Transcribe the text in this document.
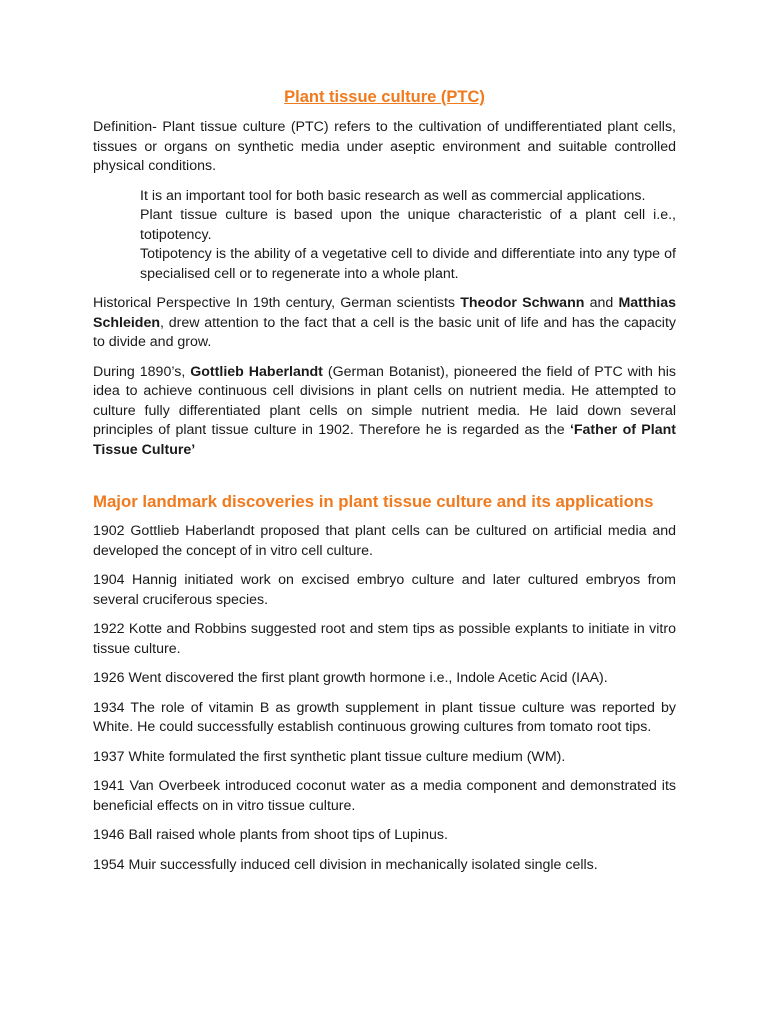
Plant tissue culture (PTC)

Definition- Plant tissue culture (PTC) refers to the cultivation of undifferentiated plant cells, tissues or organs on synthetic media under aseptic environment and suitable controlled physical conditions.

It is an important tool for both basic research as well as commercial applications.

Plant tissue culture is based upon the unique characteristic of a plant cell i.e., totipotency.

Totipotency is the ability of a vegetative cell to divide and differentiate into any type of specialised cell or to regenerate into a whole plant.

Historical Perspective In 19th century, German scientists Theodor Schwann and Matthias Schleiden, drew attention to the fact that a cell is the basic unit of life and has the capacity to divide and grow.

During 1890’s, Gottlieb Haberlandt (German Botanist), pioneered the field of PTC with his idea to achieve continuous cell divisions in plant cells on nutrient media. He attempted to culture fully differentiated plant cells on simple nutrient media. He laid down several principles of plant tissue culture in 1902. Therefore he is regarded as the ‘Father of Plant Tissue Culture’

Major landmark discoveries in plant tissue culture and its applications

1902 Gottlieb Haberlandt proposed that plant cells can be cultured on artificial media and developed the concept of in vitro cell culture.

1904 Hannig initiated work on excised embryo culture and later cultured embryos from several cruciferous species.

1922 Kotte and Robbins suggested root and stem tips as possible explants to initiate in vitro tissue culture.

1926 Went discovered the first plant growth hormone i.e., Indole Acetic Acid (IAA).

1934 The role of vitamin B as growth supplement in plant tissue culture was reported by White. He could successfully establish continuous growing cultures from tomato root tips.

1937 White formulated the first synthetic plant tissue culture medium (WM).

1941 Van Overbeek introduced coconut water as a media component and demonstrated its beneficial effects on in vitro tissue culture.

1946 Ball raised whole plants from shoot tips of Lupinus.

1954 Muir successfully induced cell division in mechanically isolated single cells.
